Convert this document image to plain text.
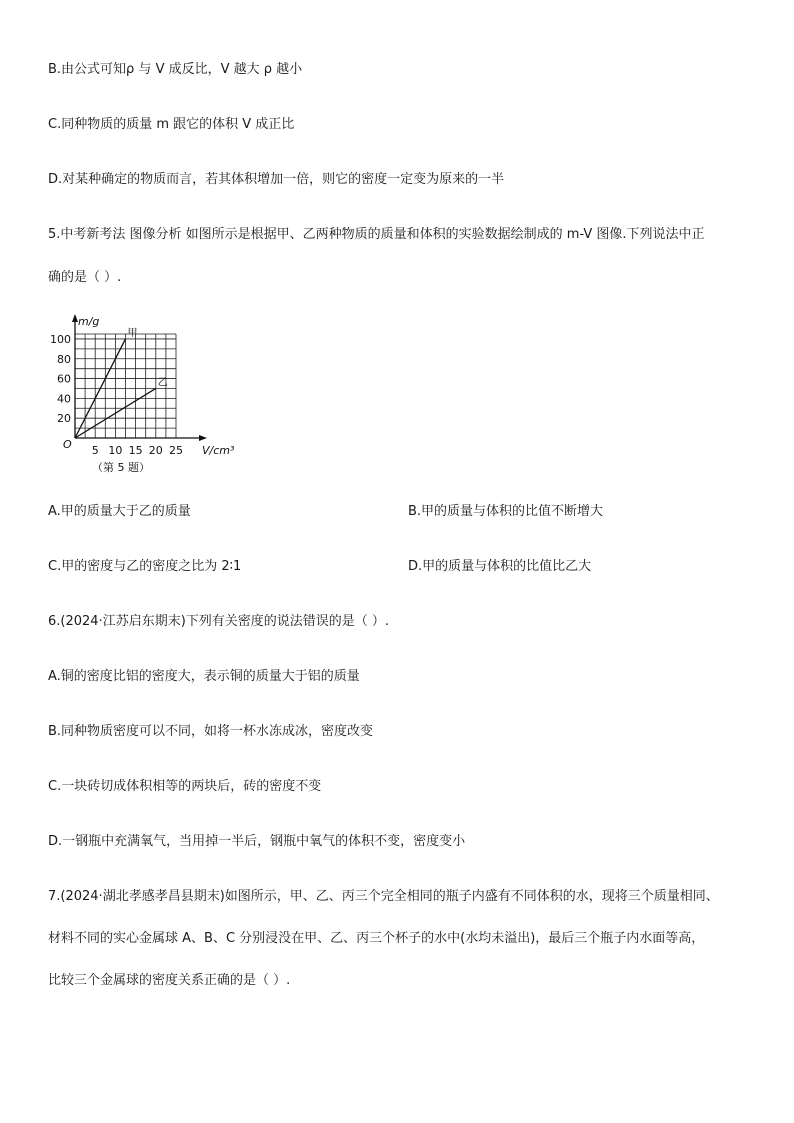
B.由公式可知ρ 与 V 成反比，V 越大 ρ 越小
C.同种物质的质量 m 跟它的体积 V 成正比
D.对某种确定的物质而言，若其体积增加一倍，则它的密度一定变为原来的一半
5.中考新考法 图像分析 如图所示是根据甲、乙两种物质的质量和体积的实验数据绘制成的 m-V 图像.下列说法中正
确的是（ ）.
20
40
60
80
100
5 10 15 20 25
m/g
V/cm³
O
甲
乙
（第 5 题）
A.甲的质量大于乙的质量	B.甲的质量与体积的比值不断增大
C.甲的密度与乙的密度之比为 2∶1	D.甲的质量与体积的比值比乙大
6.(2024·江苏启东期末)下列有关密度的说法错误的是（ ）.
A.铜的密度比铝的密度大，表示铜的质量大于铝的质量
B.同种物质密度可以不同，如将一杯水冻成冰，密度改变
C.一块砖切成体积相等的两块后，砖的密度不变
D.一钢瓶中充满氧气，当用掉一半后，钢瓶中氧气的体积不变，密度变小
7.(2024·湖北孝感孝昌县期末)如图所示，甲、乙、丙三个完全相同的瓶子内盛有不同体积的水，现将三个质量相同、
材料不同的实心金属球 A、B、C 分别浸没在甲、乙、丙三个杯子的水中(水均未溢出)，最后三个瓶子内水面等高，
比较三个金属球的密度关系正确的是（ ）.
